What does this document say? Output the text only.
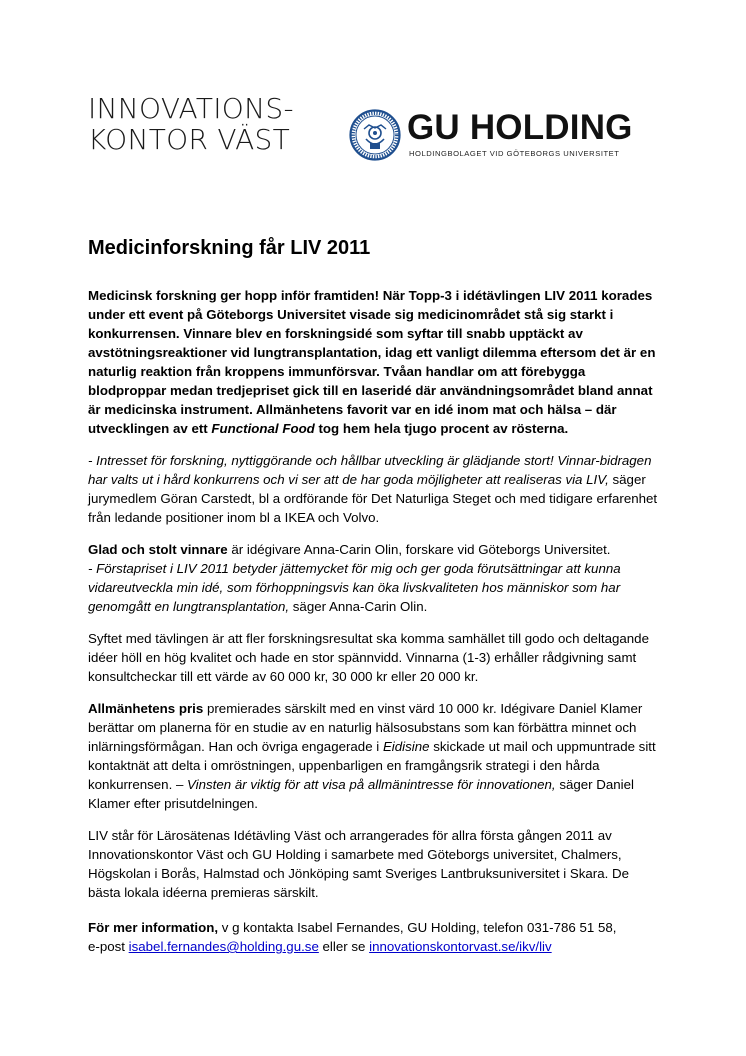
INNOVATIONS-
KONTOR VÄST	GU HOLDING
HOLDINGBOLAGET VID GÖTEBORGS UNIVERSITET
Medicinforskning får LIV 2011

Medicinsk forskning ger hopp inför framtiden! När Topp-3 i idétävlingen LIV 2011 korades under ett event på Göteborgs Universitet visade sig medicinområdet stå sig starkt i konkurrensen. Vinnare blev en forskningsidé som syftar till snabb upptäckt av avstötningsreaktioner vid lungtransplantation, idag ett vanligt dilemma eftersom det är en naturlig reaktion från kroppens immunförsvar. Tvåan handlar om att förebygga blodproppar medan tredjepriset gick till en laseridé där användningsområdet bland annat är medicinska instrument. Allmänhetens favorit var en idé inom mat och hälsa – där utvecklingen av ett Functional Food tog hem hela tjugo procent av rösterna.

- Intresset för forskning, nyttiggörande och hållbar utveckling är glädjande stort! Vinnar-bidragen har valts ut i hård konkurrens och vi ser att de har goda möjligheter att realiseras via LIV, säger jurymedlem Göran Carstedt, bl a ordförande för Det Naturliga Steget och med tidigare erfarenhet från ledande positioner inom bl a IKEA och Volvo.

Glad och stolt vinnare är idégivare Anna-Carin Olin, forskare vid Göteborgs Universitet.
- Förstapriset i LIV 2011 betyder jättemycket för mig och ger goda förutsättningar att kunna vidareutveckla min idé, som förhoppningsvis kan öka livskvaliteten hos människor som har genomgått en lungtransplantation, säger Anna-Carin Olin.

Syftet med tävlingen är att fler forskningsresultat ska komma samhället till godo och deltagande idéer höll en hög kvalitet och hade en stor spännvidd. Vinnarna (1-3) erhåller rådgivning samt konsultcheckar till ett värde av 60 000 kr, 30 000 kr eller 20 000 kr.

Allmänhetens pris premierades särskilt med en vinst värd 10 000 kr. Idégivare Daniel Klamer berättar om planerna för en studie av en naturlig hälsosubstans som kan förbättra minnet och inlärningsförmågan. Han och övriga engagerade i Eidisine skickade ut mail och uppmuntrade sitt kontaktnät att delta i omröstningen, uppenbarligen en framgångsrik strategi i den hårda konkurrensen. – Vinsten är viktig för att visa på allmänintresse för innovationen, säger Daniel Klamer efter prisutdelningen.

LIV står för Lärosätenas Idétävling Väst och arrangerades för allra första gången 2011 av Innovationskontor Väst och GU Holding i samarbete med Göteborgs universitet, Chalmers, Högskolan i Borås, Halmstad och Jönköping samt Sveriges Lantbruksuniversitet i Skara. De bästa lokala idéerna premieras särskilt.

För mer information, v g kontakta Isabel Fernandes, GU Holding, telefon 031-786 51 58,
e-post isabel.fernandes@holding.gu.se eller se innovationskontorvast.se/ikv/liv
